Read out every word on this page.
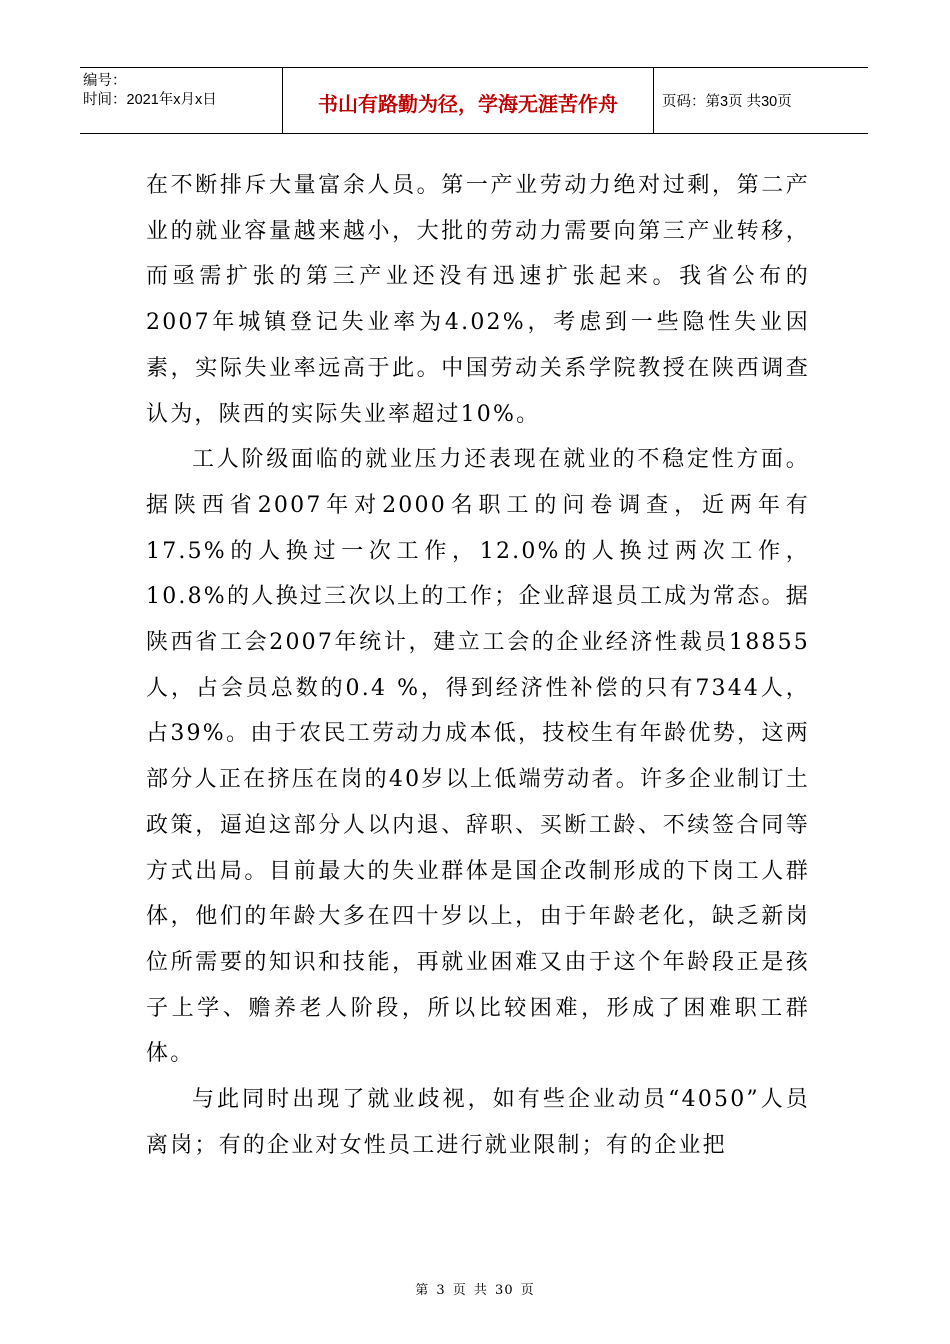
编号：
时间：2021年x月x日	书山有路勤为径，学海无涯苦作舟	页码：第3页 共30页

在不断排斥大量富余人员。第一产业劳动力绝对过剩，第二产业的就业容量越来越小，大批的劳动力需要向第三产业转移，而亟需扩张的第三产业还没有迅速扩张起来。我省公布的2007年城镇登记失业率为4.02%，考虑到一些隐性失业因素，实际失业率远高于此。中国劳动关系学院教授在陕西调查认为，陕西的实际失业率超过10%。

工人阶级面临的就业压力还表现在就业的不稳定性方面。据陕西省2007年对2000名职工的问卷调查，近两年有17.5%的人换过一次工作，12.0%的人换过两次工作，10.8%的人换过三次以上的工作；企业辞退员工成为常态。据陕西省工会2007年统计，建立工会的企业经济性裁员18855人，占会员总数的0.4 %，得到经济性补偿的只有7344人，占39%。由于农民工劳动力成本低，技校生有年龄优势，这两部分人正在挤压在岗的40岁以上低端劳动者。许多企业制订土政策，逼迫这部分人以内退、辞职、买断工龄、不续签合同等方式出局。目前最大的失业群体是国企改制形成的下岗工人群体，他们的年龄大多在四十岁以上，由于年龄老化，缺乏新岗位所需要的知识和技能，再就业困难又由于这个年龄段正是孩子上学、赡养老人阶段，所以比较困难，形成了困难职工群体。

与此同时出现了就业歧视，如有些企业动员“4050”人员离岗；有的企业对女性员工进行就业限制；有的企业把

第 3 页 共 30 页
